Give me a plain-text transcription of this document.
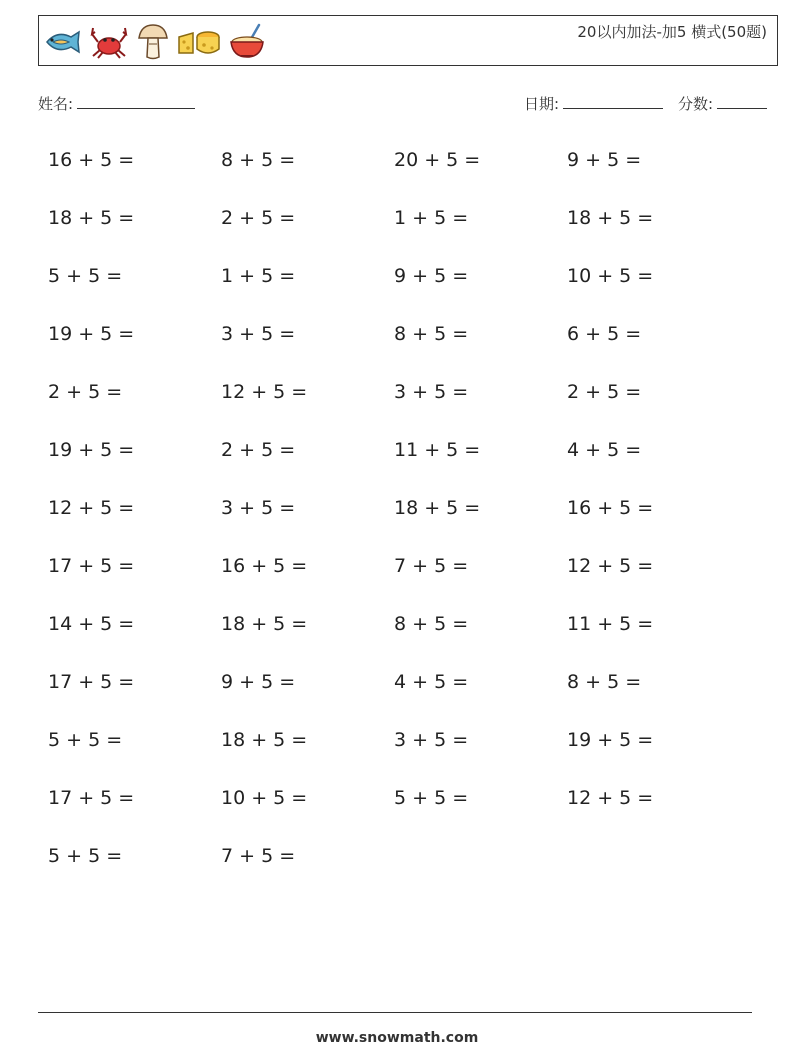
20以内加法-加5 横式(50题)
姓名:	日期:	分数:
16 + 5 =	8 + 5 =	20 + 5 =	9 + 5 =
18 + 5 =	2 + 5 =	1 + 5 =	18 + 5 =
5 + 5 =	1 + 5 =	9 + 5 =	10 + 5 =
19 + 5 =	3 + 5 =	8 + 5 =	6 + 5 =
2 + 5 =	12 + 5 =	3 + 5 =	2 + 5 =
19 + 5 =	2 + 5 =	11 + 5 =	4 + 5 =
12 + 5 =	3 + 5 =	18 + 5 =	16 + 5 =
17 + 5 =	16 + 5 =	7 + 5 =	12 + 5 =
14 + 5 =	18 + 5 =	8 + 5 =	11 + 5 =
17 + 5 =	9 + 5 =	4 + 5 =	8 + 5 =
5 + 5 =	18 + 5 =	3 + 5 =	19 + 5 =
17 + 5 =	10 + 5 =	5 + 5 =	12 + 5 =
5 + 5 =	7 + 5 =
www.snowmath.com
